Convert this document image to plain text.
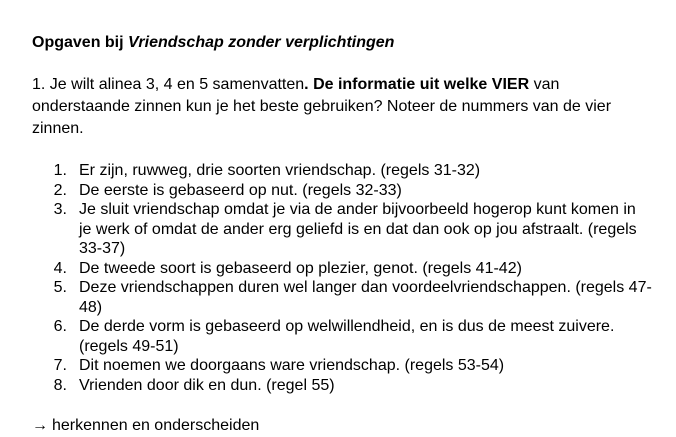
Opgaven bij Vriendschap zonder verplichtingen

1. Je wilt alinea 3, 4 en 5 samenvatten. De informatie uit welke VIER van onderstaande zinnen kun je het beste gebruiken? Noteer de nummers van de vier zinnen.
1. Er zijn, ruwweg, drie soorten vriendschap. (regels 31-32)
2. De eerste is gebaseerd op nut. (regels 32-33)
3. Je sluit vriendschap omdat je via de ander bijvoorbeeld hogerop kunt komen in je werk of omdat de ander erg geliefd is en dat dan ook op jou afstraalt. (regels 33-37)
4. De tweede soort is gebaseerd op plezier, genot. (regels 41-42)
5. Deze vriendschappen duren wel langer dan voordeelvriendschappen. (regels 47-48)
6. De derde vorm is gebaseerd op welwillendheid, en is dus de meest zuivere. (regels 49-51)
7. Dit noemen we doorgaans ware vriendschap. (regels 53-54)
8. Vrienden door dik en dun. (regel 55)
→ herkennen en onderscheiden
